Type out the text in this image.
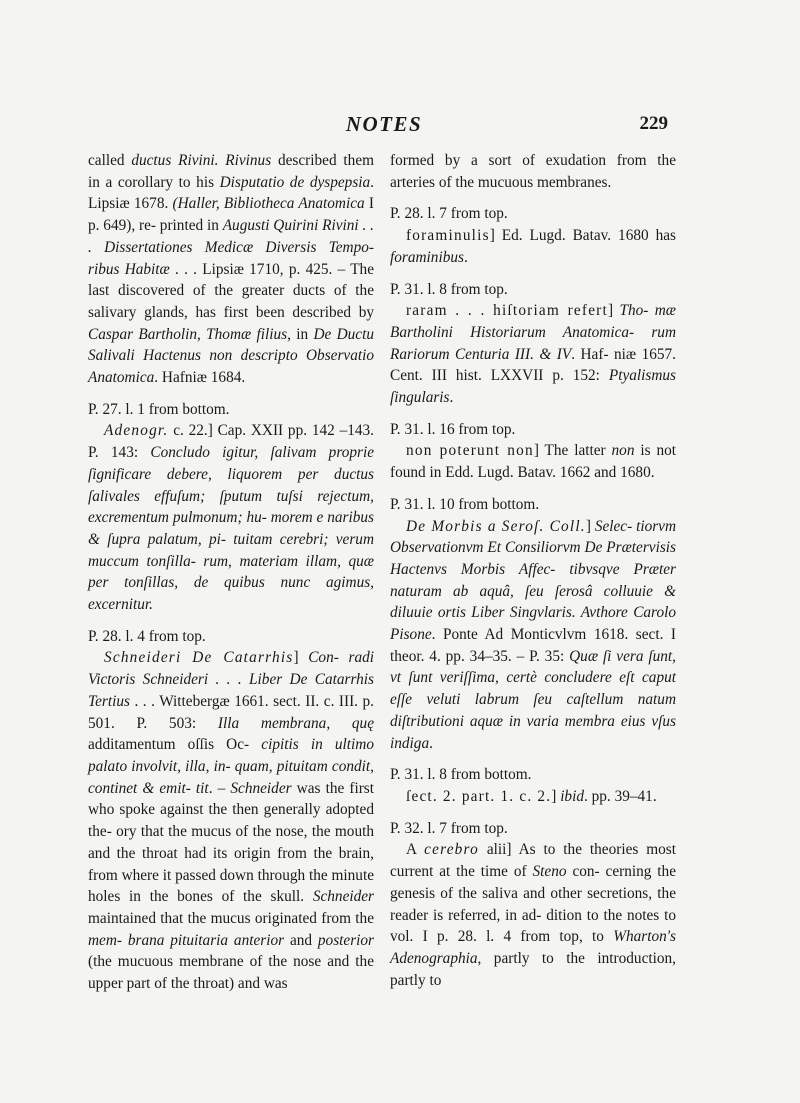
NOTES	229

called ductus Rivini. Rivinus described them in a corollary to his Disputatio de dyspepsia. Lipsiæ 1678. (Haller, Bibliotheca Anatomica I p. 649), re- printed in Augusti Quirini Rivini . . . Dissertationes Medicæ Diversis Tempo- ribus Habitæ . . . Lipsiæ 1710, p. 425. – The last discovered of the greater ducts of the salivary glands, has first been described by Caspar Bartholin, Thomæ filius, in De Ductu Salivali Hactenus non descripto Observatio Anatomica. Hafniæ 1684.

P. 27. l. 1 from bottom.

Adenogr. c. 22.] Cap. XXII pp. 142 –143. P. 143: Concludo igitur, ſalivam proprie ſignificare debere, liquorem per ductus ſalivales effuſum; ſputum tuſsi rejectum, excrementum pulmonum; hu- morem e naribus & ſupra palatum, pi- tuitam cerebri; verum muccum tonſilla- rum, materiam illam, quæ per tonſillas, de quibus nunc agimus, excernitur.

P. 28. l. 4 from top.

Schneideri De Catarrhis] Con- radi Victoris Schneideri . . . Liber De Catarrhis Tertius . . . Wittebergæ 1661. sect. II. c. III. p. 501. P. 503: Illa membrana, quę additamentum oſſis Oc- cipitis in ultimo palato involvit, illa, in- quam, pituitam condit, continet & emit- tit. – Schneider was the first who spoke against the then generally adopted the- ory that the mucus of the nose, the mouth and the throat had its origin from the brain, from where it passed down through the minute holes in the bones of the skull. Schneider maintained that the mucus originated from the mem- brana pituitaria anterior and posterior (the mucuous membrane of the nose and the upper part of the throat) and was

formed by a sort of exudation from the arteries of the mucuous membranes.

P. 28. l. 7 from top.

foraminulis] Ed. Lugd. Batav. 1680 has foraminibus.

P. 31. l. 8 from top.

raram . . . hiſtoriam refert] Tho- mæ Bartholini Historiarum Anatomica- rum Rariorum Centuria III. & IV. Haf- niæ 1657. Cent. III hist. LXXVII p. 152: Ptyalismus ſingularis.

P. 31. l. 16 from top.

non poterunt non] The latter non is not found in Edd. Lugd. Batav. 1662 and 1680.

P. 31. l. 10 from bottom.

De Morbis a Seroſ. Coll.] Selec- tiorvm Observationvm Et Consiliorvm De Prætervisis Hactenvs Morbis Affec- tibvsqve Præter naturam ab aquâ, ſeu ſerosâ colluuie & diluuie ortis Liber Singvlaris. Avthore Carolo Pisone. Ponte Ad Monticvlvm 1618. sect. I theor. 4. pp. 34–35. – P. 35: Quæ ſi vera ſunt, vt ſunt veriſſima, certè concludere eſt caput eſſe veluti labrum ſeu caſtellum natum diſtributioni aquæ in varia membra eius vſus indiga.

P. 31. l. 8 from bottom.

ſect. 2. part. 1. c. 2.] ibid. pp. 39–41.

P. 32. l. 7 from top.

A cerebro alii] As to the theories most current at the time of Steno con- cerning the genesis of the saliva and other secretions, the reader is referred, in ad- dition to the notes to vol. I p. 28. l. 4 from top, to Wharton's Adenographia, partly to the introduction, partly to
